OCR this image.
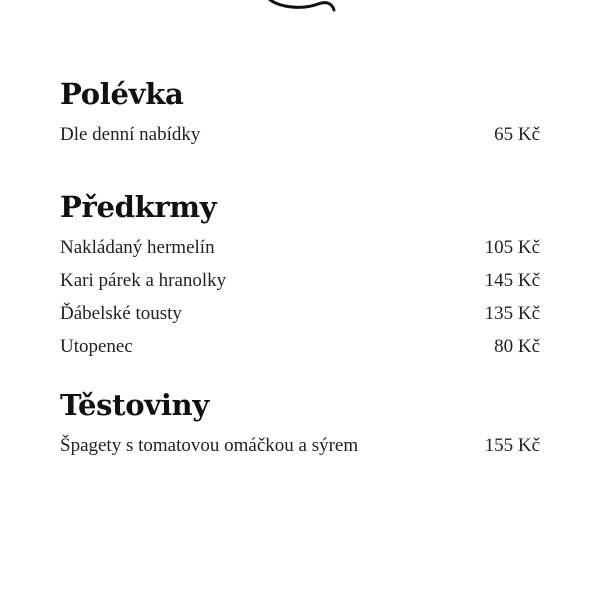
Polévka
Dle denní nabídky	65 Kč
Předkrmy
Nakládaný hermelín	105 Kč
Kari párek a hranolky	145 Kč
Ďábelské tousty	135 Kč
Utopenec	80 Kč
Těstoviny
Špagety s tomatovou omáčkou a sýrem	155 Kč
